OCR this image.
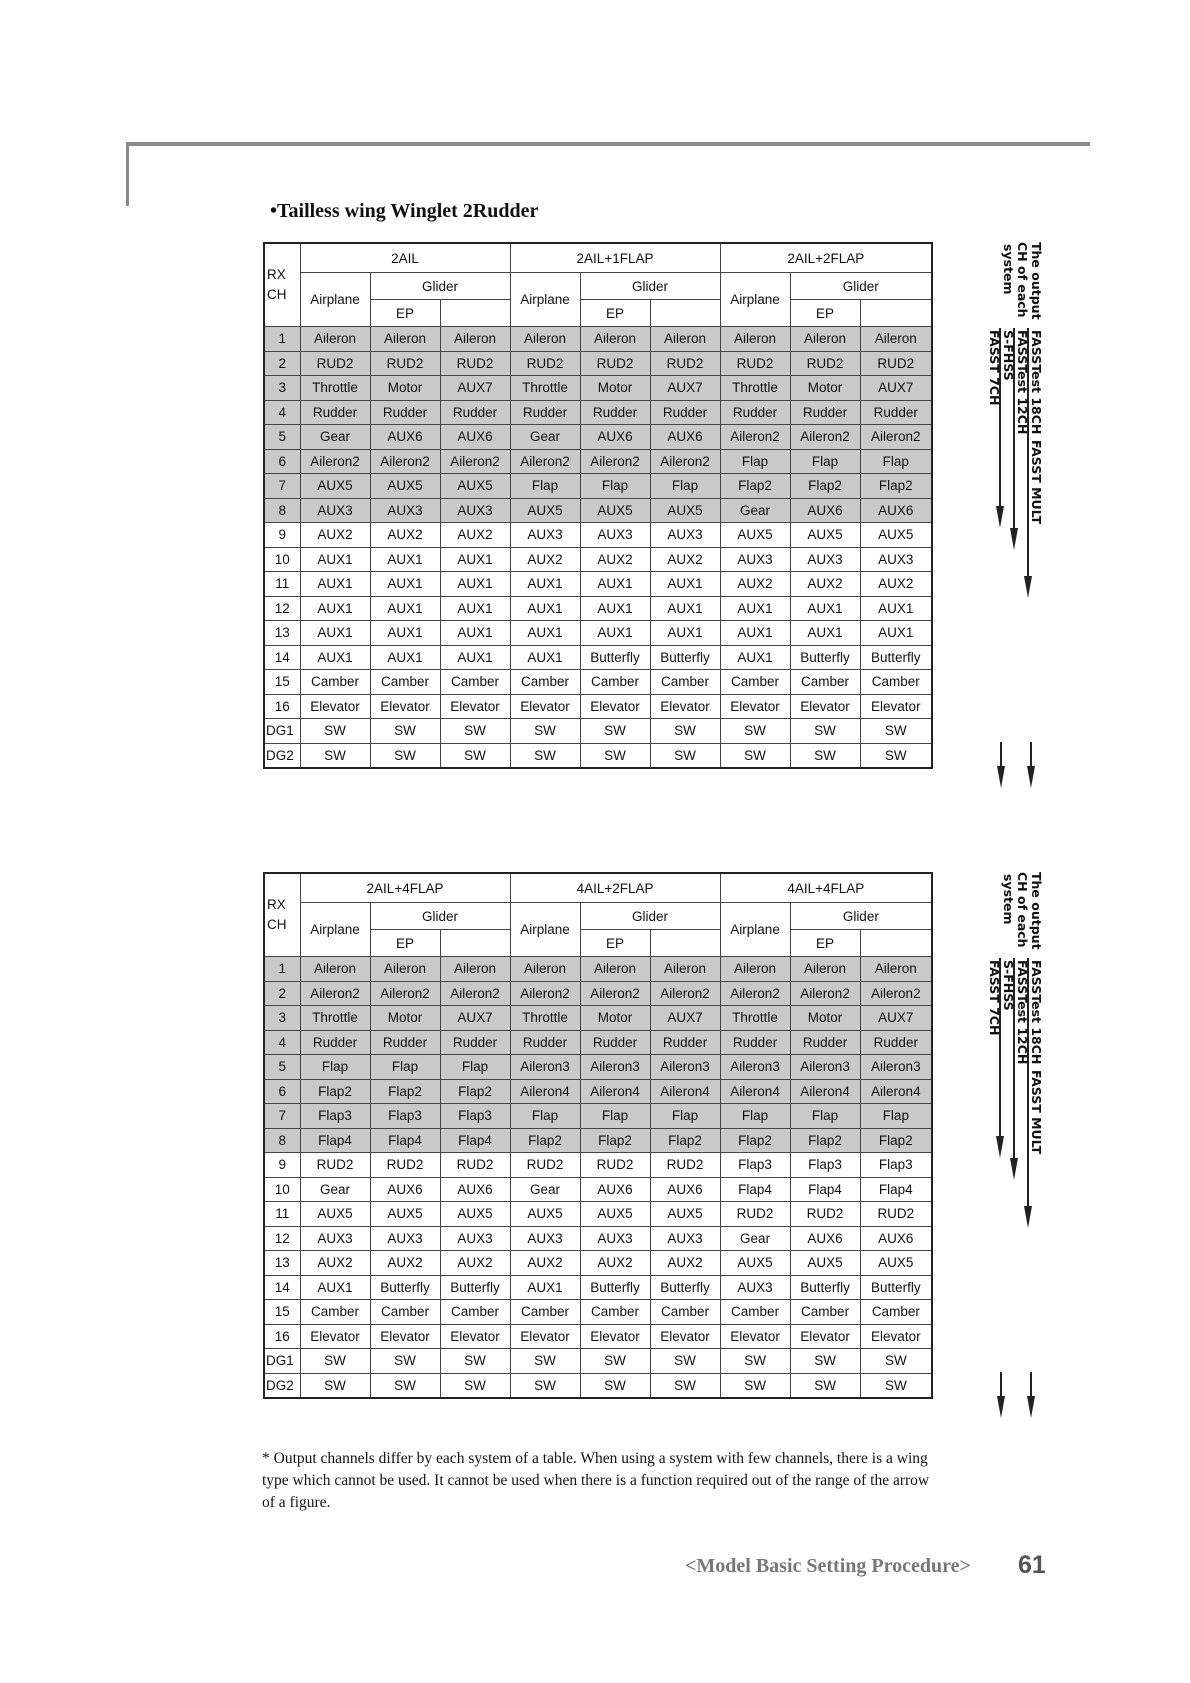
•Tailless wing Winglet 2Rudder
RX
CH	2AIL			2AIL+1FLAP			2AIL+2FLAP		
	Airplane	Glider		Airplane	Glider		Airplane	Glider	
		EP			EP			EP	
1	Aileron	Aileron	Aileron	Aileron	Aileron	Aileron	Aileron	Aileron	Aileron
2	RUD2	RUD2	RUD2	RUD2	RUD2	RUD2	RUD2	RUD2	RUD2
3	Throttle	Motor	AUX7	Throttle	Motor	AUX7	Throttle	Motor	AUX7
4	Rudder	Rudder	Rudder	Rudder	Rudder	Rudder	Rudder	Rudder	Rudder
5	Gear	AUX6	AUX6	Gear	AUX6	AUX6	Aileron2	Aileron2	Aileron2
6	Aileron2	Aileron2	Aileron2	Aileron2	Aileron2	Aileron2	Flap	Flap	Flap
7	AUX5	AUX5	AUX5	Flap	Flap	Flap	Flap2	Flap2	Flap2
8	AUX3	AUX3	AUX3	AUX5	AUX5	AUX5	Gear	AUX6	AUX6
9	AUX2	AUX2	AUX2	AUX3	AUX3	AUX3	AUX5	AUX5	AUX5
10	AUX1	AUX1	AUX1	AUX2	AUX2	AUX2	AUX3	AUX3	AUX3
11	AUX1	AUX1	AUX1	AUX1	AUX1	AUX1	AUX2	AUX2	AUX2
12	AUX1	AUX1	AUX1	AUX1	AUX1	AUX1	AUX1	AUX1	AUX1
13	AUX1	AUX1	AUX1	AUX1	AUX1	AUX1	AUX1	AUX1	AUX1
14	AUX1	AUX1	AUX1	AUX1	Butterfly	Butterfly	AUX1	Butterfly	Butterfly
15	Camber	Camber	Camber	Camber	Camber	Camber	Camber	Camber	Camber
16	Elevator	Elevator	Elevator	Elevator	Elevator	Elevator	Elevator	Elevator	Elevator
DG1	SW	SW	SW	SW	SW	SW	SW	SW	SW
DG2	SW	SW	SW	SW	SW	SW	SW	SW	SW
RX
CH	2AIL+4FLAP			4AIL+2FLAP			4AIL+4FLAP		
	Airplane	Glider		Airplane	Glider		Airplane	Glider	
		EP			EP			EP	
1	Aileron	Aileron	Aileron	Aileron	Aileron	Aileron	Aileron	Aileron	Aileron
2	Aileron2	Aileron2	Aileron2	Aileron2	Aileron2	Aileron2	Aileron2	Aileron2	Aileron2
3	Throttle	Motor	AUX7	Throttle	Motor	AUX7	Throttle	Motor	AUX7
4	Rudder	Rudder	Rudder	Rudder	Rudder	Rudder	Rudder	Rudder	Rudder
5	Flap	Flap	Flap	Aileron3	Aileron3	Aileron3	Aileron3	Aileron3	Aileron3
6	Flap2	Flap2	Flap2	Aileron4	Aileron4	Aileron4	Aileron4	Aileron4	Aileron4
7	Flap3	Flap3	Flap3	Flap	Flap	Flap	Flap	Flap	Flap
8	Flap4	Flap4	Flap4	Flap2	Flap2	Flap2	Flap2	Flap2	Flap2
9	RUD2	RUD2	RUD2	RUD2	RUD2	RUD2	Flap3	Flap3	Flap3
10	Gear	AUX6	AUX6	Gear	AUX6	AUX6	Flap4	Flap4	Flap4
11	AUX5	AUX5	AUX5	AUX5	AUX5	AUX5	RUD2	RUD2	RUD2
12	AUX3	AUX3	AUX3	AUX3	AUX3	AUX3	Gear	AUX6	AUX6
13	AUX2	AUX2	AUX2	AUX2	AUX2	AUX2	AUX5	AUX5	AUX5
14	AUX1	Butterfly	Butterfly	AUX1	Butterfly	Butterfly	AUX3	Butterfly	Butterfly
15	Camber	Camber	Camber	Camber	Camber	Camber	Camber	Camber	Camber
16	Elevator	Elevator	Elevator	Elevator	Elevator	Elevator	Elevator	Elevator	Elevator
DG1	SW	SW	SW	SW	SW	SW	SW	SW	SW
DG2	SW	SW	SW	SW	SW	SW	SW	SW	SW
The output
CH of each
system
FASSTest 18CH
FASST MULT
FASSTest 12CH
S-FHSS
FASST 7CH
The output
CH of each
system
FASSTest 18CH
FASST MULT
FASSTest 12CH
S-FHSS
FASST 7CH
* Output channels differ by each system of a table. When using a system with few channels, there is a wing type which cannot be used. It cannot be used when there is a function required out of the range of the arrow of a figure.
<Model Basic Setting Procedure> 61
